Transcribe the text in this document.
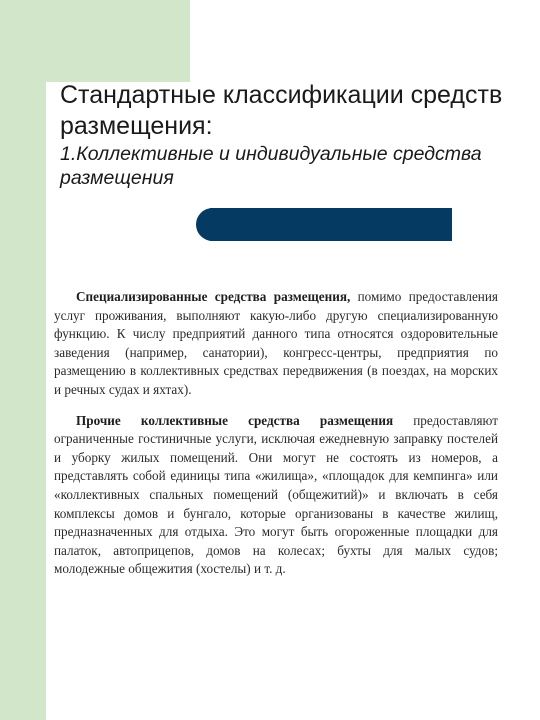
Стандартные классификации средств размещения:
1.Коллективные и индивидуальные средства размещения

Специализированные средства размещения, помимо предоставления услуг проживания, выполняют какую-либо другую специализированную функцию. К числу предприятий данного типа относятся оздоровительные заведения (например, санатории), конгресс-центры, предприятия по размещению в коллективных средствах передвижения (в поездах, на морских и речных судах и яхтах).

Прочие коллективные средства размещения предоставляют ограниченные гостиничные услуги, исключая ежедневную заправку постелей и уборку жилых помещений. Они могут не состоять из номеров, а представлять собой единицы типа «жилища», «площадок для кемпинга» или «коллективных спальных помещений (общежитий)» и включать в себя комплексы домов и бунгало, которые организованы в качестве жилищ, предназначенных для отдыха. Это могут быть огороженные площадки для палаток, автоприцепов, домов на колесах; бухты для малых судов; молодежные общежития (хостелы) и т. д.
